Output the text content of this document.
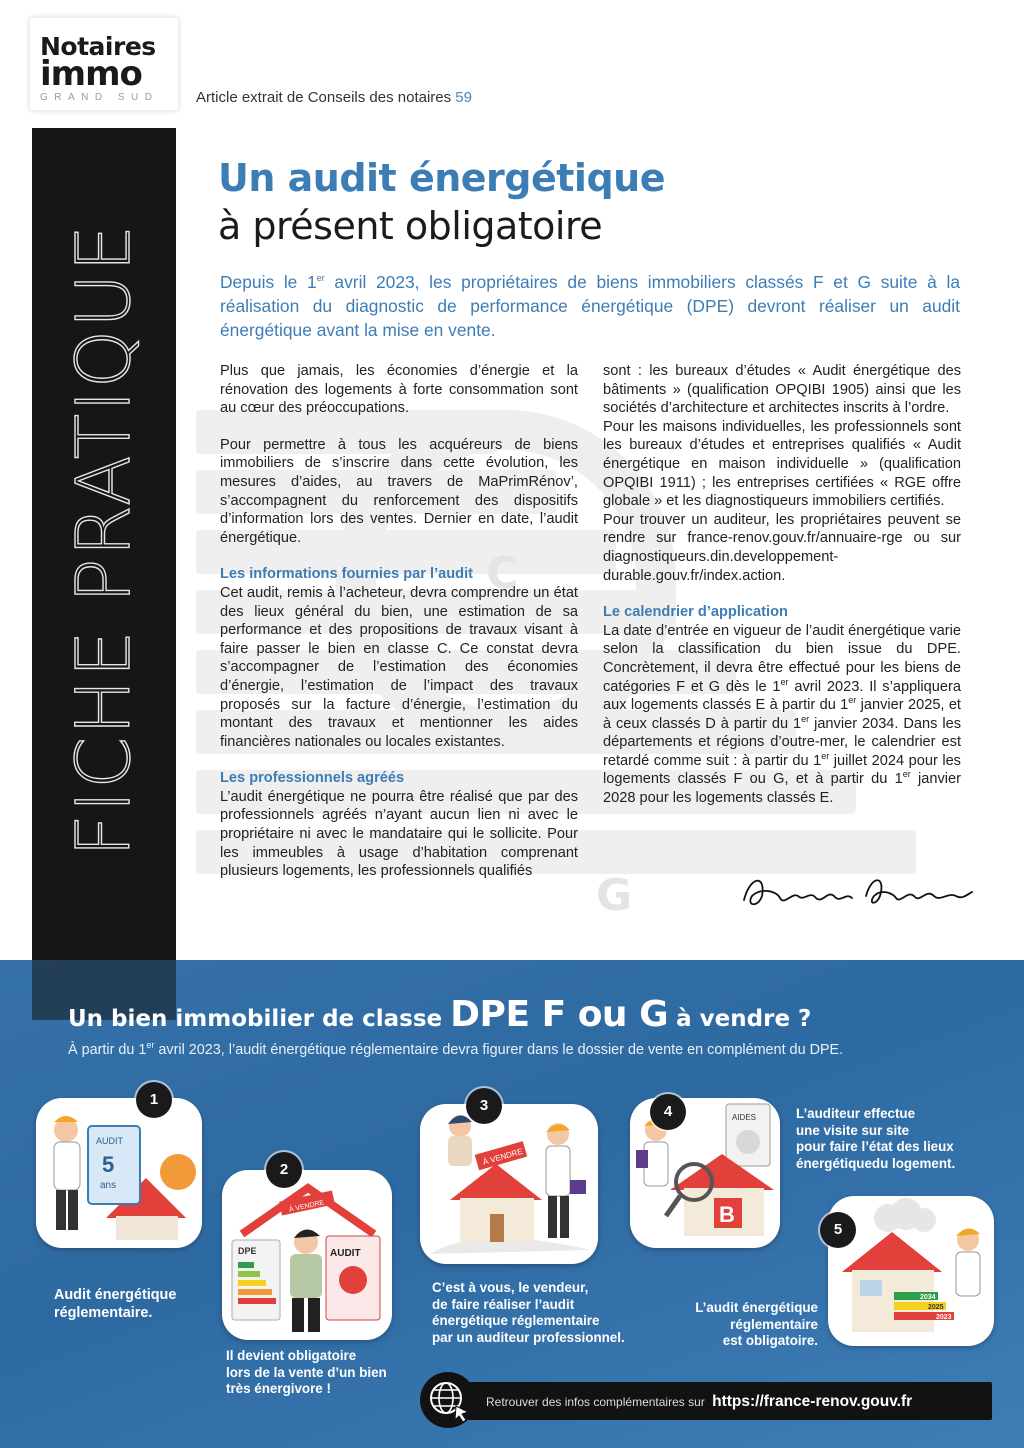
Notaires
immo
GRAND SUD	Article extrait de Conseils des notaires 59
FICHE PRATIQUE	C
G
Un audit énergétique
à présent obligatoire
Depuis le 1er avril 2023, les propriétaires de biens immobiliers classés F et G suite à la réalisation du diagnostic de performance énergétique (DPE) devront réaliser un audit énergétique avant la mise en vente.

Plus que jamais, les économies d’énergie et la rénovation des logements à forte consommation sont au cœur des préoccupations.

Pour permettre à tous les acquéreurs de biens immobiliers de s’inscrire dans cette évolution, les mesures d’aides, au travers de MaPrimRénov’, s’accompagnent du renforcement des dispositifs d’information lors des ventes. Dernier en date, l’audit énergétique.

Les informations fournies par l’audit

Cet audit, remis à l’acheteur, devra comprendre un état des lieux général du bien, une estimation de sa performance et des propositions de travaux visant à faire passer le bien en classe C. Ce constat devra s’accompagner de l’estimation des économies d’énergie, l’estimation de l’impact des travaux proposés sur la facture d’énergie, l’estimation du montant des travaux et mentionner les aides financières nationales ou locales existantes.

Les professionnels agréés

L’audit énergétique ne pourra être réalisé que par des professionnels agréés n’ayant aucun lien ni avec le propriétaire ni avec le mandataire qui le sollicite. Pour les immeubles à usage d’habitation comprenant plusieurs logements, les professionnels qualifiés

sont : les bureaux d’études « Audit énergétique des bâtiments » (qualification OPQIBI 1905) ainsi que les sociétés d’architecture et architectes inscrits à l’ordre.

Pour les maisons individuelles, les professionnels sont les bureaux d’études et entreprises qualifiés « Audit énergétique en maison individuelle » (qualification OPQIBI 1911) ; les entreprises certifiées « RGE offre globale » et les diagnostiqueurs immobiliers certifiés.

Pour trouver un auditeur, les propriétaires peuvent se rendre sur france-renov.gouv.fr/annuaire-rge ou sur diagnostiqueurs.din.developpement- durable.gouv.fr/index.action.

Le calendrier d’application

La date d’entrée en vigueur de l’audit énergétique varie selon la classification du bien issue du DPE. Concrètement, il devra être effectué pour les biens de catégories F et G dès le 1er avril 2023. Il s’appliquera aux logements classés E à partir du 1er janvier 2025, et à ceux classés D à partir du 1er janvier 2034. Dans les départements et régions d’outre-mer, le calendrier est retardé comme suit : à partir du 1er juillet 2024 pour les logements classés F ou G, et à partir du 1er janvier 2028 pour les logements classés E.

Un bien immobilier de classe DPE F ou G à vendre ?
À partir du 1er avril 2023, l’audit énergétique réglementaire devra figurer dans le dossier de vente en complément du DPE.
AUDIT
5
ans
1
Audit énergétique
réglementaire.
À VENDRE
DPE	AUDIT
2
Il devient obligatoire
lors de la vente d’un bien
très énergivore !
À VENDRE
3
C’est à vous, le vendeur,
de faire réaliser l’audit
énergétique réglementaire
par un auditeur professionnel.
AIDES
B
4	L’auditeur effectue
une visite sur site
pour faire l’état des lieux
énergétiquedu logement.
2034
2025
2023
5
L’audit énergétique
réglementaire
est obligatoire.
Retrouver des infos complémentaires sur https://france-renov.gouv.fr
